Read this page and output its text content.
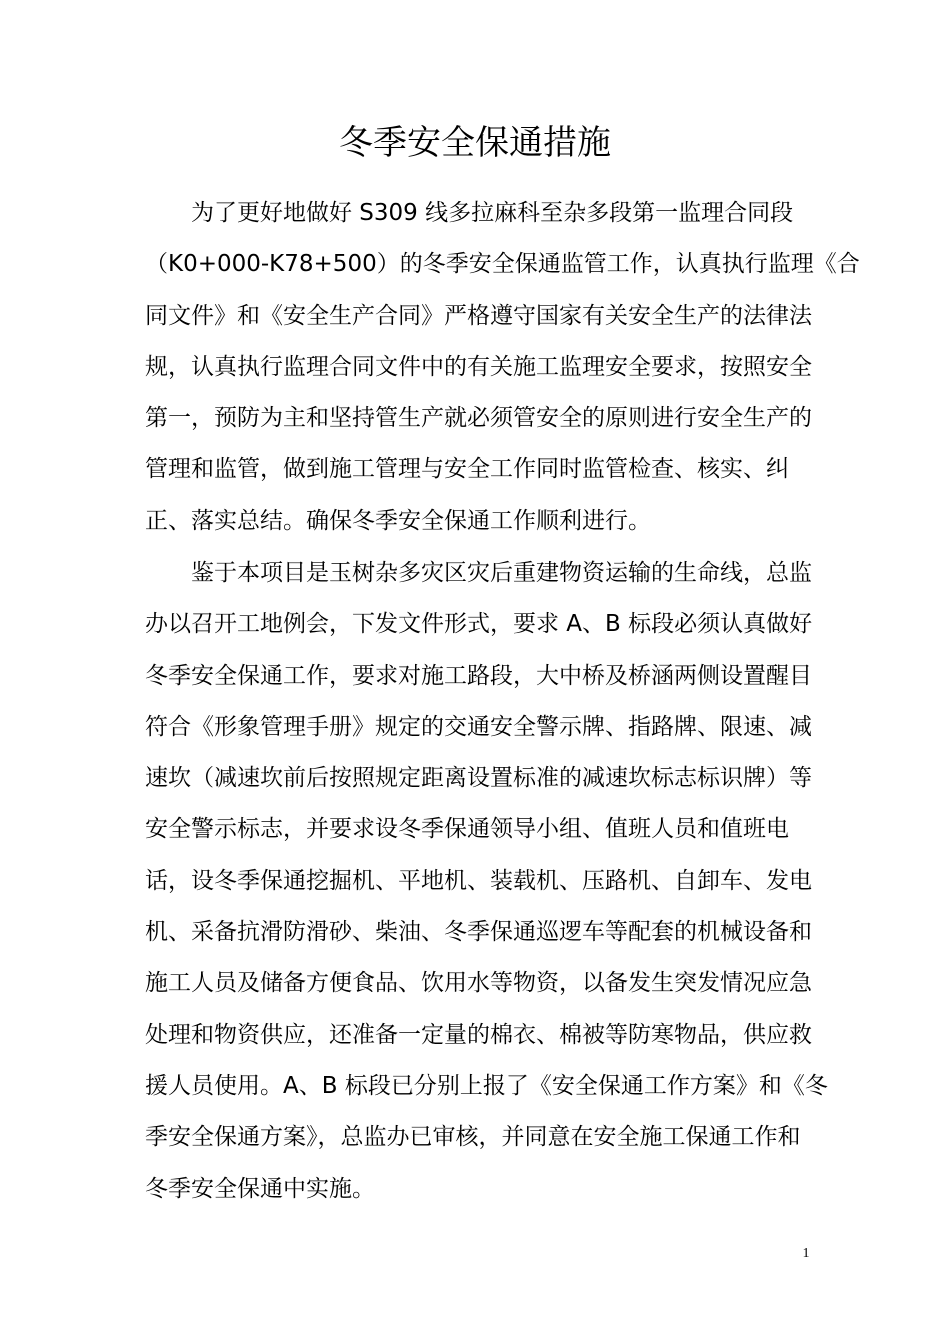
冬季安全保通措施
为了更好地做好 S309 线多拉麻科至杂多段第一监理合同段
（K0+000-K78+500）的冬季安全保通监管工作，认真执行监理《合
同文件》和《安全生产合同》严格遵守国家有关安全生产的法律法
规，认真执行监理合同文件中的有关施工监理安全要求，按照安全
第一，预防为主和坚持管生产就必须管安全的原则进行安全生产的
管理和监管，做到施工管理与安全工作同时监管检查、核实、纠
正、落实总结。确保冬季安全保通工作顺利进行。
鉴于本项目是玉树杂多灾区灾后重建物资运输的生命线，总监
办以召开工地例会，下发文件形式，要求 A、B 标段必须认真做好
冬季安全保通工作，要求对施工路段，大中桥及桥涵两侧设置醒目
符合《形象管理手册》规定的交通安全警示牌、指路牌、限速、减
速坎（减速坎前后按照规定距离设置标准的减速坎标志标识牌）等
安全警示标志，并要求设冬季保通领导小组、值班人员和值班电
话，设冬季保通挖掘机、平地机、装载机、压路机、自卸车、发电
机、采备抗滑防滑砂、柴油、冬季保通巡逻车等配套的机械设备和
施工人员及储备方便食品、饮用水等物资，以备发生突发情况应急
处理和物资供应，还准备一定量的棉衣、棉被等防寒物品，供应救
援人员使用。A、B 标段已分别上报了《安全保通工作方案》和《冬
季安全保通方案》，总监办已审核，并同意在安全施工保通工作和
冬季安全保通中实施。
1
